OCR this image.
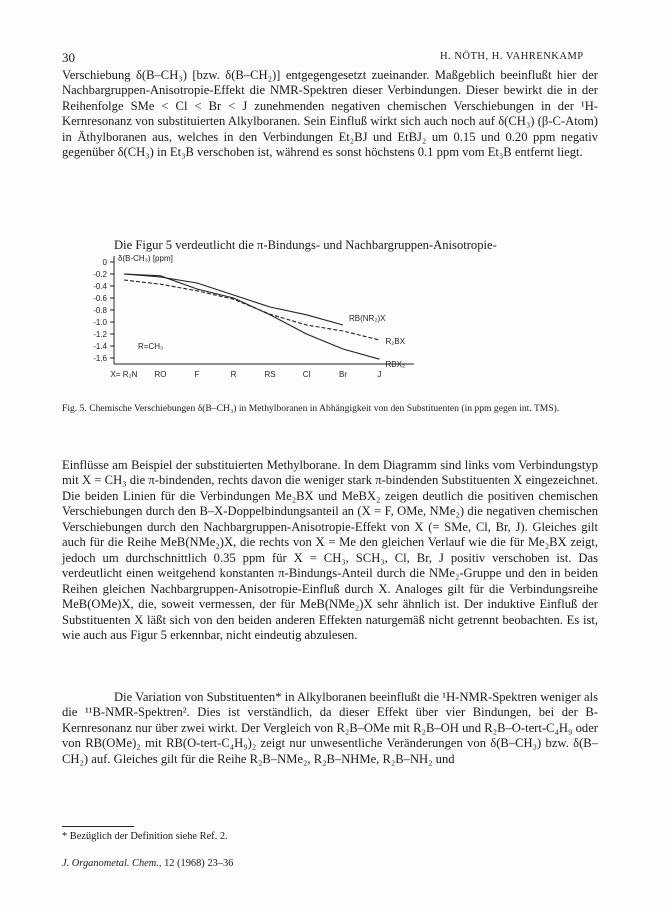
30	H. NÖTH, H. VAHRENKAMP

Verschiebung δ(B–CH₃) [bzw. δ(B–CH₂)] entgegengesetzt zueinander. Maßgeblich beeinflußt hier der Nachbargruppen-Anisotropie-Effekt die NMR-Spektren dieser Verbindungen. Dieser bewirkt die in der Reihenfolge SMe < Cl < Br < J zunehmenden negativen chemischen Verschiebungen in der ¹H-Kernresonanz von substituierten Alkylboranen. Sein Einfluß wirkt sich auch noch auf δ(CH₃) (β-C-Atom) in Äthylboranen aus, welches in den Verbindungen Et₂BJ und EtBJ₂ um 0.15 und 0.20 ppm negativ gegenüber δ(CH₃) in Et₃B verschoben ist, während es sonst höchstens 0.1 ppm vom Et₃B entfernt liegt.

Die Figur 5 verdeutlicht die π-Bindungs- und Nachbargruppen-Anisotropie-

0
-0.2
-0.4
-0.6
-0.8
-1.0
-1.2
-1.4
-1.6
δ(B-CH₃) [ppm]
X= R₂N RO	F	R	RS	Cl	Br	J
RB(NR₂)X
R₂BX
RBX₂
R=CH₃

Fig. 5. Chemische Verschiebungen δ(B–CH₃) in Methylboranen in Abhängigkeit von den Substituenten (in ppm gegen int. TMS).

Einflüsse am Beispiel der substituierten Methylborane. In dem Diagramm sind links vom Verbindungstyp mit X = CH₃ die π-bindenden, rechts davon die weniger stark π-bindenden Substituenten X eingezeichnet. Die beiden Linien für die Verbindungen Me₂BX und MeBX₂ zeigen deutlich die positiven chemischen Verschiebungen durch den B–X-Doppelbindungsanteil an (X = F, OMe, NMe₂) die negativen chemischen Verschiebungen durch den Nachbargruppen-Anisotropie-Effekt von X (= SMe, Cl, Br, J). Gleiches gilt auch für die Reihe MeB(NMe₂)X, die rechts von X = Me den gleichen Verlauf wie die für Me₂BX zeigt, jedoch um durchschnittlich 0.35 ppm für X = CH₃, SCH₃, Cl, Br, J positiv verschoben ist. Das verdeutlicht einen weitgehend konstanten π-Bindungs-Anteil durch die NMe₂-Gruppe und den in beiden Reihen gleichen Nachbargruppen-Anisotropie-Einfluß durch X. Analoges gilt für die Verbindungsreihe MeB(OMe)X, die, soweit vermessen, der für MeB(NMe₂)X sehr ähnlich ist. Der induktive Einfluß der Substituenten X läßt sich von den beiden anderen Effekten naturgemäß nicht getrennt beobachten. Es ist, wie auch aus Figur 5 erkennbar, nicht eindeutig abzulesen.

Die Variation von Substituenten* in Alkylboranen beeinflußt die ¹H-NMR-Spektren weniger als die ¹¹B-NMR-Spektren². Dies ist verständlich, da dieser Effekt über vier Bindungen, bei der B-Kernresonanz nur über zwei wirkt. Der Vergleich von R₂B–OMe mit R₂B–OH und R₂B–O-tert-C₄H₉ oder von RB(OMe)₂ mit RB(O-tert-C₄H₉)₂ zeigt nur unwesentliche Veränderungen von δ(B–CH₃) bzw. δ(B–CH₂) auf. Gleiches gilt für die Reihe R₂B–NMe₂, R₂B–NHMe, R₂B–NH₂ und

* Bezüglich der Definition siehe Ref. 2.
J. Organometal. Chem., 12 (1968) 23–36
